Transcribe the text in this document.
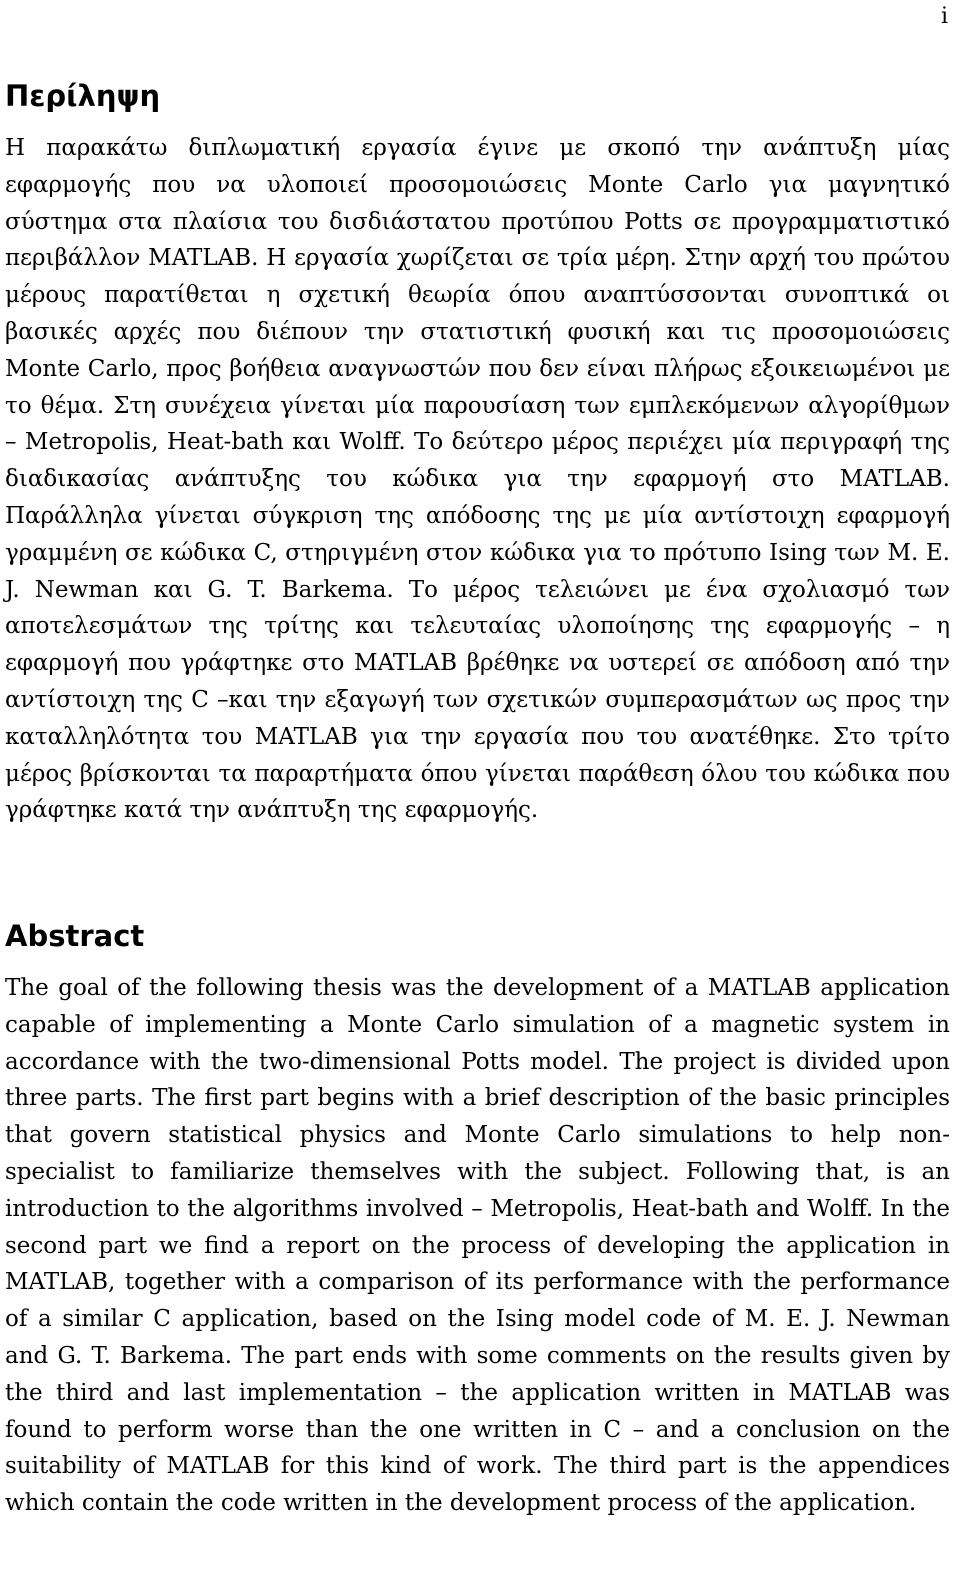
i
Περίληψη

Η παρακάτω διπλωματική εργασία έγινε με σκοπό την ανάπτυξη μίας εφαρμογής που να υλοποιεί προσομοιώσεις Monte Carlo για μαγνητικό σύστημα στα πλαίσια του δισδιάστατου προτύπου Potts σε προγραμματιστικό περιβάλλον MATLAB. Η εργασία χωρίζεται σε τρία μέρη. Στην αρχή του πρώτου μέρους παρατίθεται η σχετική θεωρία όπου αναπτύσσονται συνοπτικά οι βασικές αρχές που διέπουν την στατιστική φυσική και τις προσομοιώσεις Monte Carlo, προς βοήθεια αναγνωστών που δεν είναι πλήρως εξοικειωμένοι με το θέμα. Στη συνέχεια γίνεται μία παρουσίαση των εμπλεκόμενων αλγορίθμων – Metropolis, Heat-bath και Wolff. Το δεύτερο μέρος περιέχει μία περιγραφή της διαδικασίας ανάπτυξης του κώδικα για την εφαρμογή στο MATLAB. Παράλληλα γίνεται σύγκριση της απόδοσης της με μία αντίστοιχη εφαρμογή γραμμένη σε κώδικα C, στηριγμένη στον κώδικα για το πρότυπο Ising των M. E. J. Newman και G. T. Barkema. Το μέρος τελειώνει με ένα σχολιασμό των αποτελεσμάτων της τρίτης και τελευταίας υλοποίησης της εφαρμογής – η εφαρμογή που γράφτηκε στο MATLAB βρέθηκε να υστερεί σε απόδοση από την αντίστοιχη της C –και την εξαγωγή των σχετικών συμπερασμάτων ως προς την καταλληλότητα του MATLAB για την εργασία που του ανατέθηκε. Στο τρίτο μέρος βρίσκονται τα παραρτήματα όπου γίνεται παράθεση όλου του κώδικα που γράφτηκε κατά την ανάπτυξη της εφαρμογής.

Abstract

The goal of the following thesis was the development of a MATLAB application capable of implementing a Monte Carlo simulation of a magnetic system in accordance with the two-dimensional Potts model. The project is divided upon three parts. The first part begins with a brief description of the basic principles that govern statistical physics and Monte Carlo simulations to help non-specialist to familiarize themselves with the subject. Following that, is an introduction to the algorithms involved – Metropolis, Heat-bath and Wolff. In the second part we find a report on the process of developing the application in MATLAB, together with a comparison of its performance with the performance of a similar C application, based on the Ising model code of M. E. J. Newman and G. T. Barkema. The part ends with some comments on the results given by the third and last implementation – the application written in MATLAB was found to perform worse than the one written in C – and a conclusion on the suitability of MATLAB for this kind of work. The third part is the appendices which contain the code written in the development process of the application.
